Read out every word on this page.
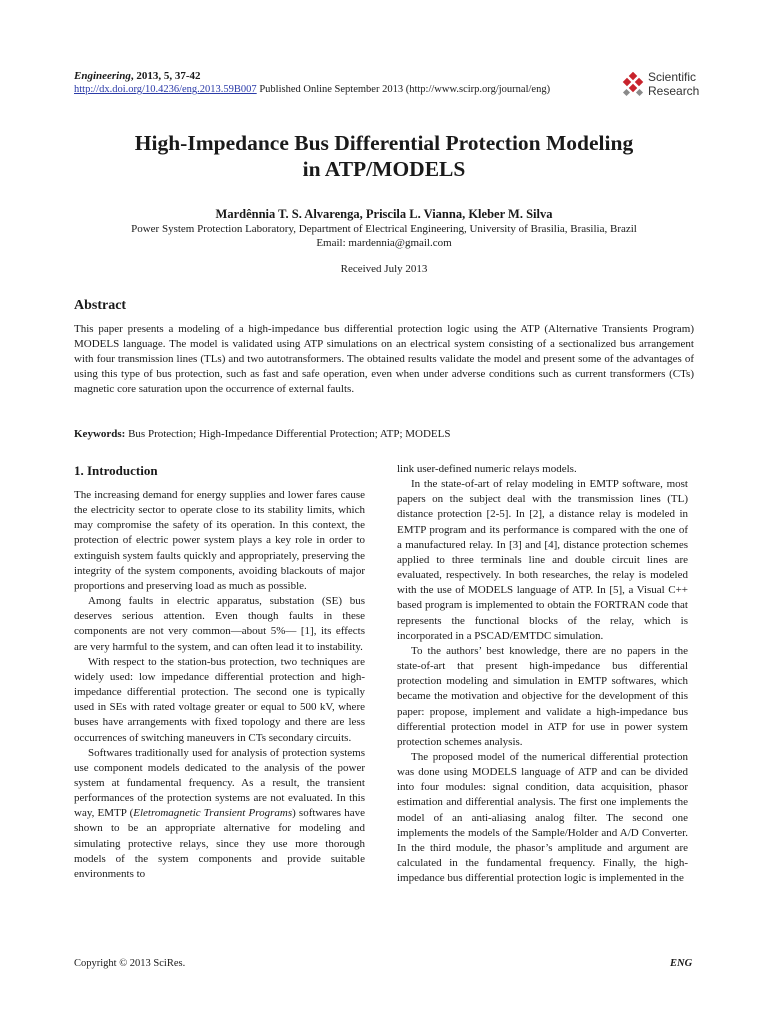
Engineering, 2013, 5, 37-42
http://dx.doi.org/10.4236/eng.2013.59B007 Published Online September 2013 (http://www.scirp.org/journal/eng)
Scientific
Research
High-Impedance Bus Differential Protection Modeling
in ATP/MODELS
Mardênnia T. S. Alvarenga, Priscila L. Vianna, Kleber M. Silva
Power System Protection Laboratory, Department of Electrical Engineering, University of Brasilia, Brasilia, Brazil
Email: mardennia@gmail.com
Received July 2013
Abstract
This paper presents a modeling of a high-impedance bus differential protection logic using the ATP (Alternative Transients Program) MODELS language. The model is validated using ATP simulations on an electrical system consisting of a sectionalized bus arrangement with four transmission lines (TLs) and two autotransformers. The obtained results validate the model and present some of the advantages of using this type of bus protection, such as fast and safe operation, even when under adverse conditions such as current transformers (CTs) magnetic core saturation upon the occurrence of external faults.
Keywords: Bus Protection; High-Impedance Differential Protection; ATP; MODELS
1. Introduction

The increasing demand for energy supplies and lower fares cause the electricity sector to operate close to its stability limits, which may compromise the safety of its operation. In this context, the protection of electric power system plays a key role in order to extinguish system faults quickly and appropriately, preserving the integrity of the system components, avoiding blackouts of major proportions and preserving load as much as possible.

Among faults in electric apparatus, substation (SE) bus deserves serious attention. Even though faults in these components are not very common—about 5%— [1], its effects are very harmful to the system, and can often lead it to instability.

With respect to the station-bus protection, two techniques are widely used: low impedance differential protection and high-impedance differential protection. The second one is typically used in SEs with rated voltage greater or equal to 500 kV, where buses have arrangements with fixed topology and there are less occurrences of switching maneuvers in CTs secondary circuits.

Softwares traditionally used for analysis of protection systems use component models dedicated to the analysis of the power system at fundamental frequency. As a result, the transient performances of the protection systems are not evaluated. In this way, EMTP (Eletromagnetic Transient Programs) softwares have shown to be an appropriate alternative for modeling and simulating protective relays, since they use more thorough models of the system components and provide suitable environments to

link user-defined numeric relays models.

In the state-of-art of relay modeling in EMTP software, most papers on the subject deal with the transmission lines (TL) distance protection [2-5]. In [2], a distance relay is modeled in EMTP program and its performance is compared with the one of a manufactured relay. In [3] and [4], distance protection schemes applied to three terminals line and double circuit lines are evaluated, respectively. In both researches, the relay is modeled with the use of MODELS language of ATP. In [5], a Visual C++ based program is implemented to obtain the FORTRAN code that represents the functional blocks of the relay, which is incorporated in a PSCAD/EMTDC simulation.

To the authors’ best knowledge, there are no papers in the state-of-art that present high-impedance bus differential protection modeling and simulation in EMTP softwares, which became the motivation and objective for the development of this paper: propose, implement and validate a high-impedance bus differential protection model in ATP for use in power system protection schemes analysis.

The proposed model of the numerical differential protection was done using MODELS language of ATP and can be divided into four modules: signal condition, data acquisition, phasor estimation and differential analysis. The first one implements the model of an anti-aliasing analog filter. The second one implements the models of the Sample/Holder and A/D Converter. In the third module, the phasor’s amplitude and argument are calculated in the fundamental frequency. Finally, the high-impedance bus differential protection logic is implemented in the

Copyright © 2013 SciRes.	ENG
